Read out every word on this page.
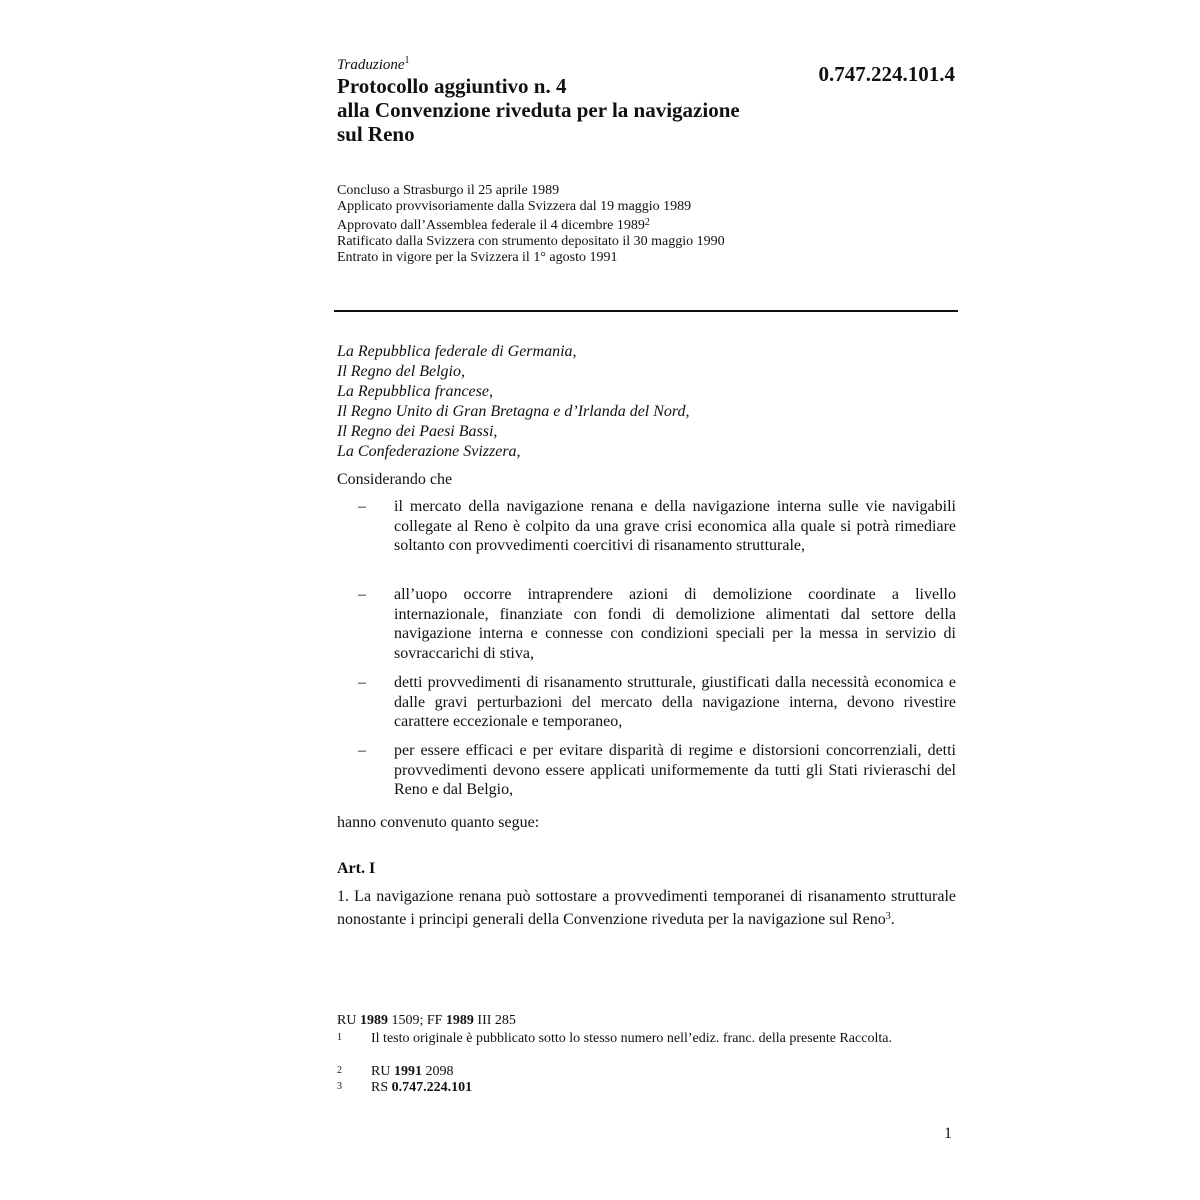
Traduzione$^1$
0.747.224.101.4
Protocollo aggiuntivo n. 4
alla Convenzione riveduta per la navigazione
sul Reno
Concluso a Strasburgo il 25 aprile 1989
Applicato provvisoriamente dalla Svizzera dal 19 maggio 1989
Approvato dall’Assemblea federale il 4 dicembre 1989$^2$
Ratificato dalla Svizzera con strumento depositato il 30 maggio 1990
Entrato in vigore per la Svizzera il 1° agosto 1991
La Repubblica federale di Germania,
Il Regno del Belgio,
La Repubblica francese,
Il Regno Unito di Gran Bretagna e d’Irlanda del Nord,
Il Regno dei Paesi Bassi,
La Confederazione Svizzera,
Considerando che
– il mercato della navigazione renana e della navigazione interna sulle vie navigabili collegate al Reno è colpito da una grave crisi economica alla quale si potrà rimediare soltanto con provvedimenti coercitivi di risanamento strutturale,
– all’uopo occorre intraprendere azioni di demolizione coordinate a livello internazionale, finanziate con fondi di demolizione alimentati dal settore della navigazione interna e connesse con condizioni speciali per la messa in servizio di sovraccarichi di stiva,
– detti provvedimenti di risanamento strutturale, giustificati dalla necessità economica e dalle gravi perturbazioni del mercato della navigazione interna, devono rivestire carattere eccezionale e temporaneo,
– per essere efficaci e per evitare disparità di regime e distorsioni concorrenziali, detti provvedimenti devono essere applicati uniformemente da tutti gli Stati rivieraschi del Reno e dal Belgio,
hanno convenuto quanto segue:
Art. I
1. La navigazione renana può sottostare a provvedimenti temporanei di risanamento strutturale nonostante i principi generali della Convenzione riveduta per la navigazione sul Reno$^3$.
RU 1989 1509; FF 1989 III 285
1 Il testo originale è pubblicato sotto lo stesso numero nell’ediz. franc. della presente Raccolta.
2 RU 1991 2098
3 RS 0.747.224.101
1
